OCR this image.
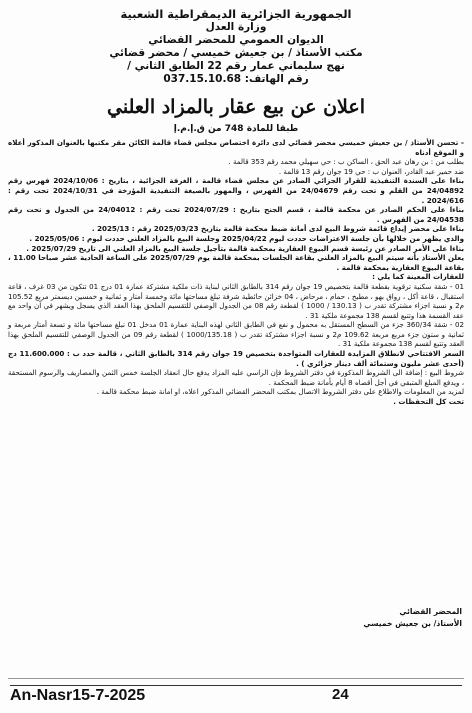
الجمهورية الجزائرية الديمقراطية الشعبية

وزارة العدل

الديوان العمومي للمحضر القضائي

مكتب الأستاذ / بن جعيش خميسي / محضر قضائي

نهج سليماني عمار رقم 22 الطابق الثاني /

رقم الهاتف: 037.15.10.68

اعلان عن بيع عقار بالمزاد العلني
طبقا للمادة 748 من ق.إ.م.إ

- تحسن الأستاذ / بن جعيش خميسي محضر قضائي لدى دائرة اختصاص مجلس قضاء قالمة الكائن مقر مكتبها بالعنوان المذكور أعلاه و الموقع أدناه

بطلب من : بن رهان عبد الحق ، الساكن ب : حي سهيلي محمد رقم 353 قالمة .

ضد حمير عبد القادر، العنوان ب : حي 19 جوان رقم 13 قالمة .

بناءا على السندة التنفيذية للقرار الجزائي الصادر عن مجلس قضاء قالمة ، الغرفة الجزائية ، بتاريخ : 2024/10/06 فهرس رقم 24/04892 من القلم و تحت رقم 24/04679 من الفهرس ، والمهور بالصيغة التنفيذية المؤرخة في 2024/10/31 تحت رقم : 2024/616 .

بناءا على الحكم الصادر عن محكمة قالمة ، قسم الجنح بتاريخ : 2024/07/29 تحت رقم : 24/04012 من الجدول و تحت رقم 24/04538 من الفهرس .

بناءا على محضر إيداع قائمة شروط البيع لدى أمانة ضبط محكمة قالمة بتاريخ 2025/03/23 رقم : 2025/13 .

والذي يظهر من خلالها بأن جلسة الاعتراضات حددت ليوم 2025/04/22 وجلسة البيع بالمزاد العلني حددت ليوم : 2025/05/06 .

بناءا على الأمر الصادر عن رئيسة قسم البيوع العقارية بمحكمة قالمة بتأجيل جلسة البيع بالمزاد العلني الى تاريخ 2025/07/29 .

يعلن الأستاذ بأنه سيتم البيع بالمزاد العلني بقاعة الجلسات بمحكمة قالمة يوم 2025/07/29 على الساعة الحادية عشر صباحا 11.00 ، بقاعة البيوع العقارية بمحكمة قالمة .

للعقارات المعينة كما يلي :

01 - شقة سكنية ترقوية بقطعة قالمة بتخصيص 19 جوان رقم 314 بالطابق الثاني لبناية ذات ملكية مشتركة عمارة 01 درج 01 تتكون من 03 غرف ، قاعة استقبال ، قاعة أكل ، رواق بهو ، مطبخ ، حمام ، مرحاض ، 04 خزائن حائطية شرفة تبلغ مساحتها مائة وخمسة أمتار و ثمانية و خمسين ديسمتر مربع 105.52 م2 و نسبة اجزاء مشتركة تقدر ب ( 130.13 / 1000 ) لقطعة رقم 08 من الجدول الوصفي للتقسيم الملحق بهذا العقد الذي يسجل ويشهر في آن واحد مع عقد القسمة هذا وتتبع لقسم 138 مجموعة ملكية 31 .

02 - شقة 360/34 جزء من السطح المستقل به محمول و نفع في الطابق الثاني لهذه البناية عمارة 01 مدخل 01 تبلغ مساحتها مائة و تسعة أمتار مربعة و ثمانية و ستون جزء مربع مربعة 109.62 م2 و نسبة اجزاء مشتركة تقدر ب ( 1000/135.18 ) لقطعة رقم 09 من الجدول الوصفي للتقسيم الملحق بهذا العقد وتتبع لقسم 138 مجموعة ملكية 31 .

السعر الافتتاحي لانطلاق المزايدة للعقارات المتواجدة بتخصيص 19 جوان رقم 314 بالطابق الثاني ، قالمة حدد ب : 11.600.000 دج (أحدى عشر مليون وستمائة ألف دينار جزائري ) .

شروط البيع : إضافة الى الشروط المذكورة في دفتر الشروط فإن الراسي عليه المزاد يدفع حال انعقاد الجلسة خمس الثمن والمصاريف والرسوم المستحقة ، ويدفع المبلغ المتبقي في أجل أقصاه 8 أيام بأمانة ضبط المحكمة .

لمزيد من المعلومات والاطلاع على دفتر الشروط الاتصال بمكتب المحضر القضائي المذكور اعلاه، او امانة ضبط محكمة قالمة .

تحت كل التحفظات .

المحضر القضائي

الأستاذ/ بن جعيش خميسي

An-Nasr15-7-2025	24
